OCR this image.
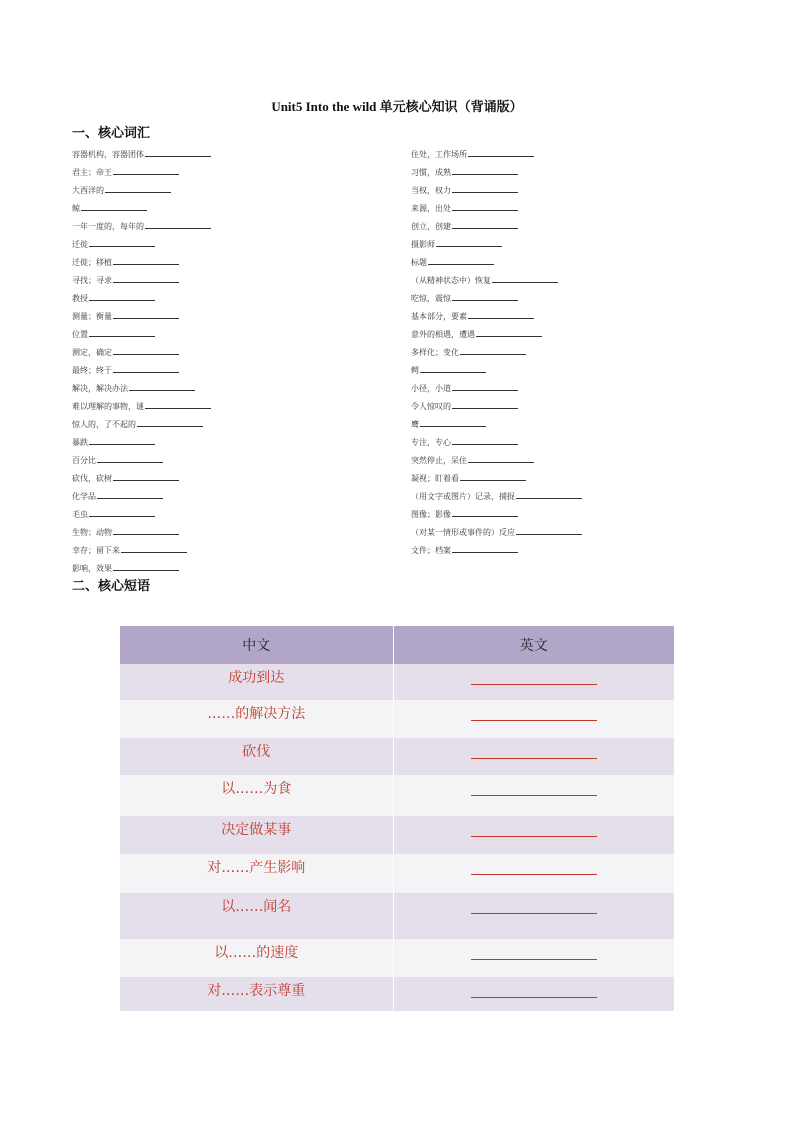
Unit5 Into the wild 单元核心知识（背诵版）
一、核心词汇
容器机构，容器团体
君主；帝王
大西洋的
鲸
一年一度的，每年的
迁徙
迁徙；移植
寻找；寻求
教授
测量；衡量
位置
测定，确定
最终；终于
解决，解决办法
难以理解的事物，谜
惊人的，了不起的
暴跌
百分比
砍伐，砍树
化学品
毛虫
生物；动物
幸存；留下来
影响，效果
住处，工作场所
习惯，成熟
当权，权力
来源，出处
创立，创建
摄影师
标题
（从精神状态中）恢复
吃惊，震惊
基本部分，要素
意外的相遇，遭遇
多样化；变化
鳄
小径，小道
令人惊叹的
鹰
专注，专心
突然停止，呆住
凝视；盯着看
（用文字或图片）记录，捕捉
图像；影像
（对某一情形或事件的）反应
文件；档案
二、核心短语
中文	英文

成功到达	

……的解决方法	

砍伐	

以……为食	

决定做某事	

对……产生影响	

以……闻名	

以……的速度	

对……表示尊重	
